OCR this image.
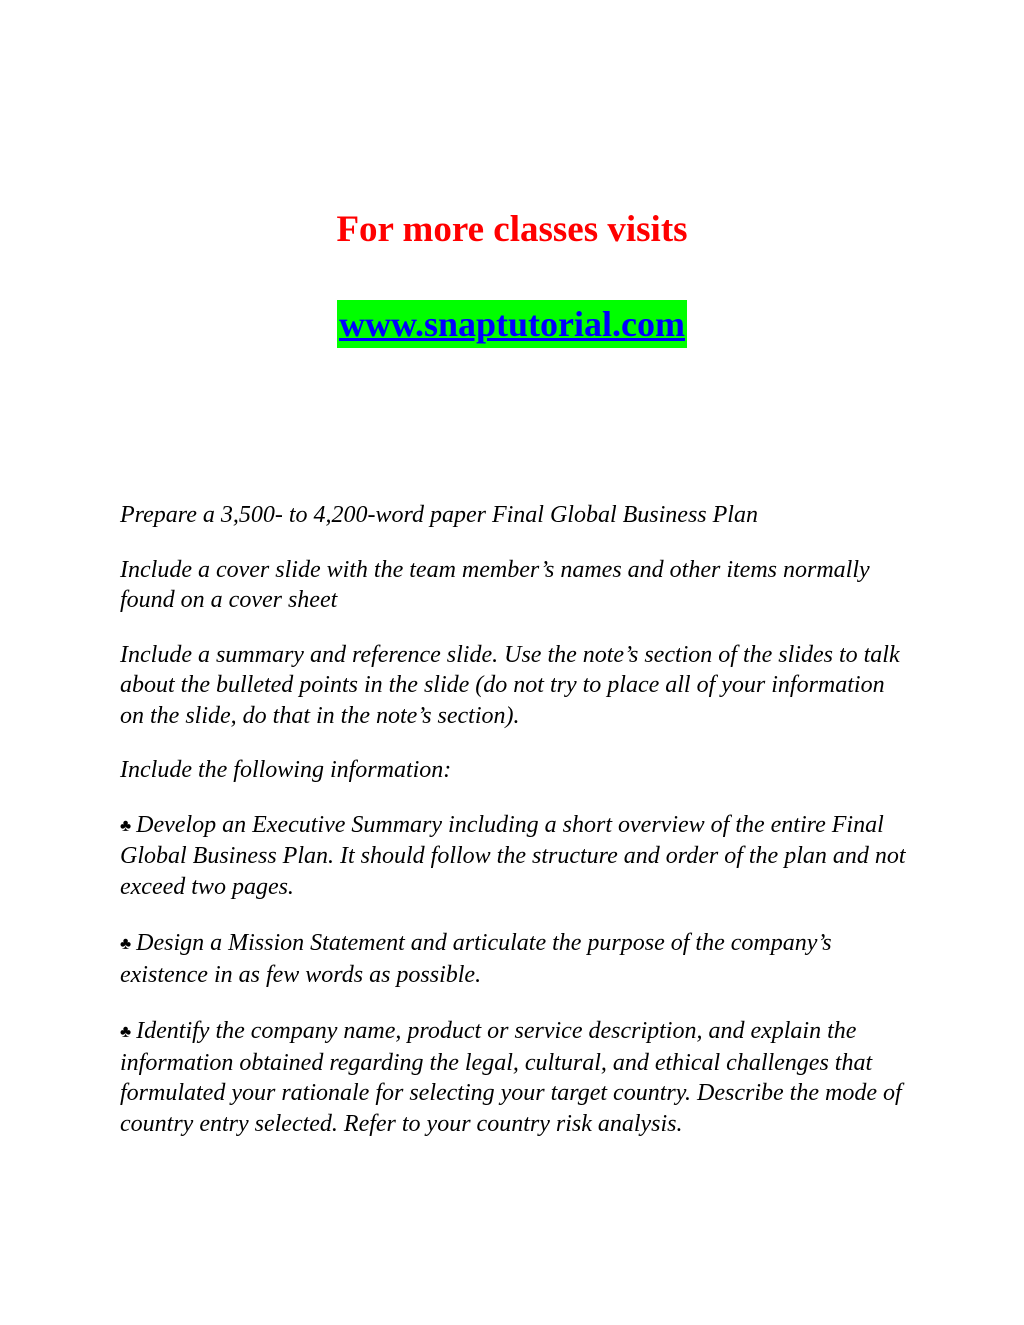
For more classes visits
www.snaptutorial.com

Prepare a 3,500- to 4,200-word paper Final Global Business Plan

Include a cover slide with the team member’s names and other items normally found on a cover sheet

Include a summary and reference slide. Use the note’s section of the slides to talk about the bulleted points in the slide (do not try to place all of your information on the slide, do that in the note’s section).

Include the following information:

♣ Develop an Executive Summary including a short overview of the entire Final Global Business Plan. It should follow the structure and order of the plan and not exceed two pages.

♣ Design a Mission Statement and articulate the purpose of the company’s existence in as few words as possible.

♣ Identify the company name, product or service description, and explain the information obtained regarding the legal, cultural, and ethical challenges that formulated your rationale for selecting your target country. Describe the mode of country entry selected. Refer to your country risk analysis.
